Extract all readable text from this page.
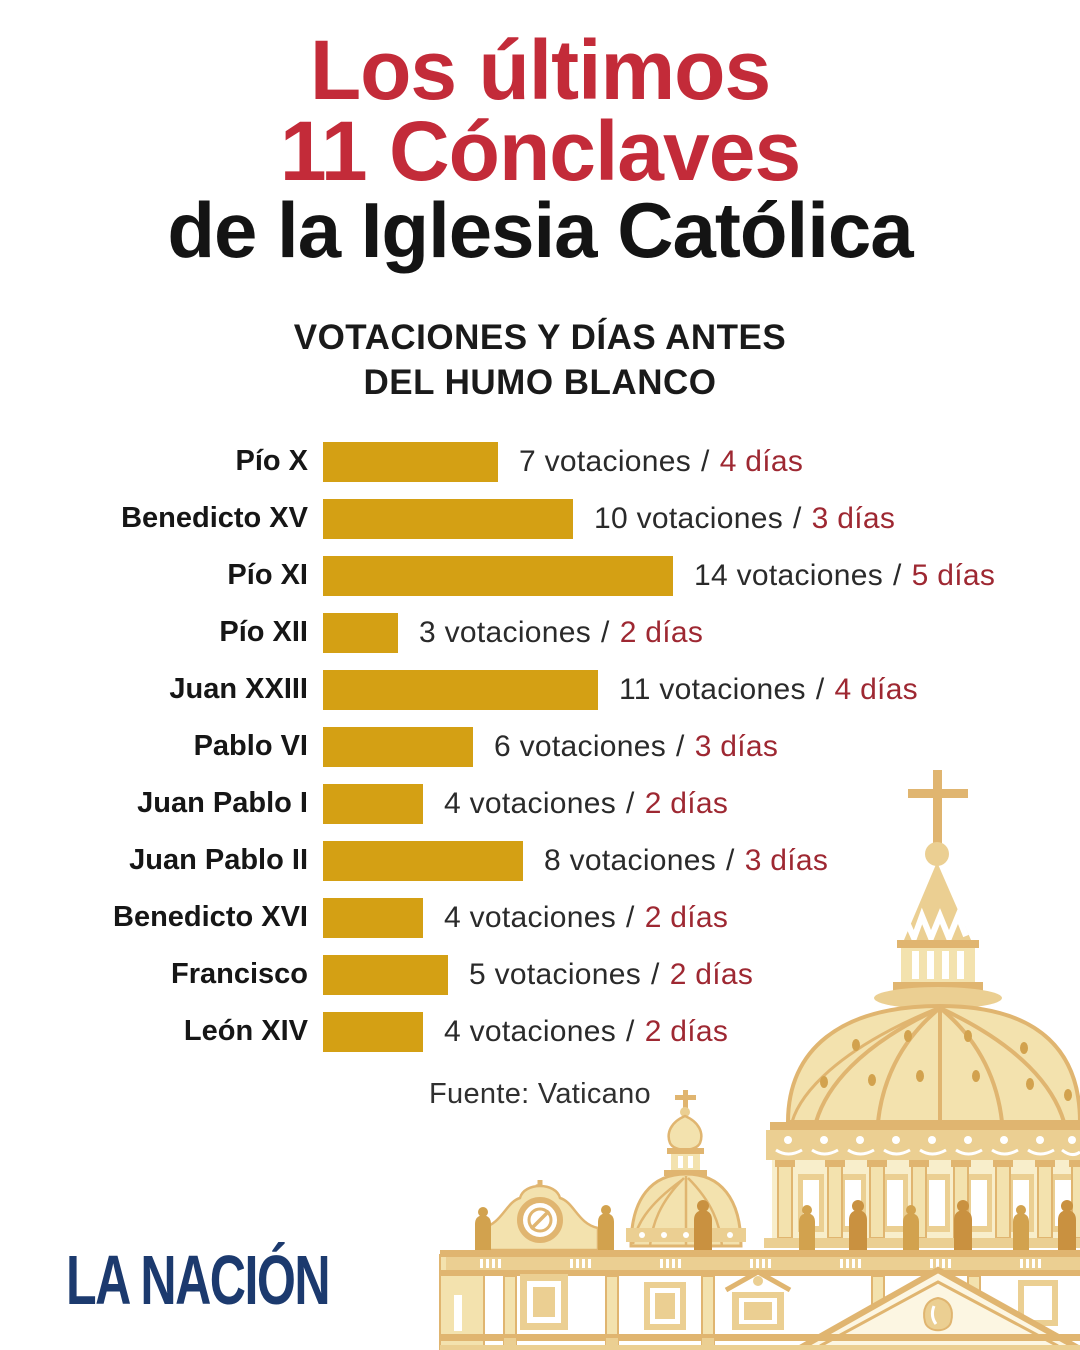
Los últimos
11 Cónclaves
de la Iglesia Católica
VOTACIONES Y DÍAS ANTES
DEL HUMO BLANCO
Pío X	7 votaciones / 4 días
Benedicto XV	10 votaciones / 3 días
Pío XI	14 votaciones / 5 días
Pío XII	3 votaciones / 2 días
Juan XXIII	11 votaciones / 4 días
Pablo VI	6 votaciones / 3 días
Juan Pablo I	4 votaciones / 2 días
Juan Pablo II	8 votaciones / 3 días
Benedicto XVI	4 votaciones / 2 días
Francisco	5 votaciones / 2 días
León XIV	4 votaciones / 2 días
Fuente: Vaticano
LA NACIÓN
